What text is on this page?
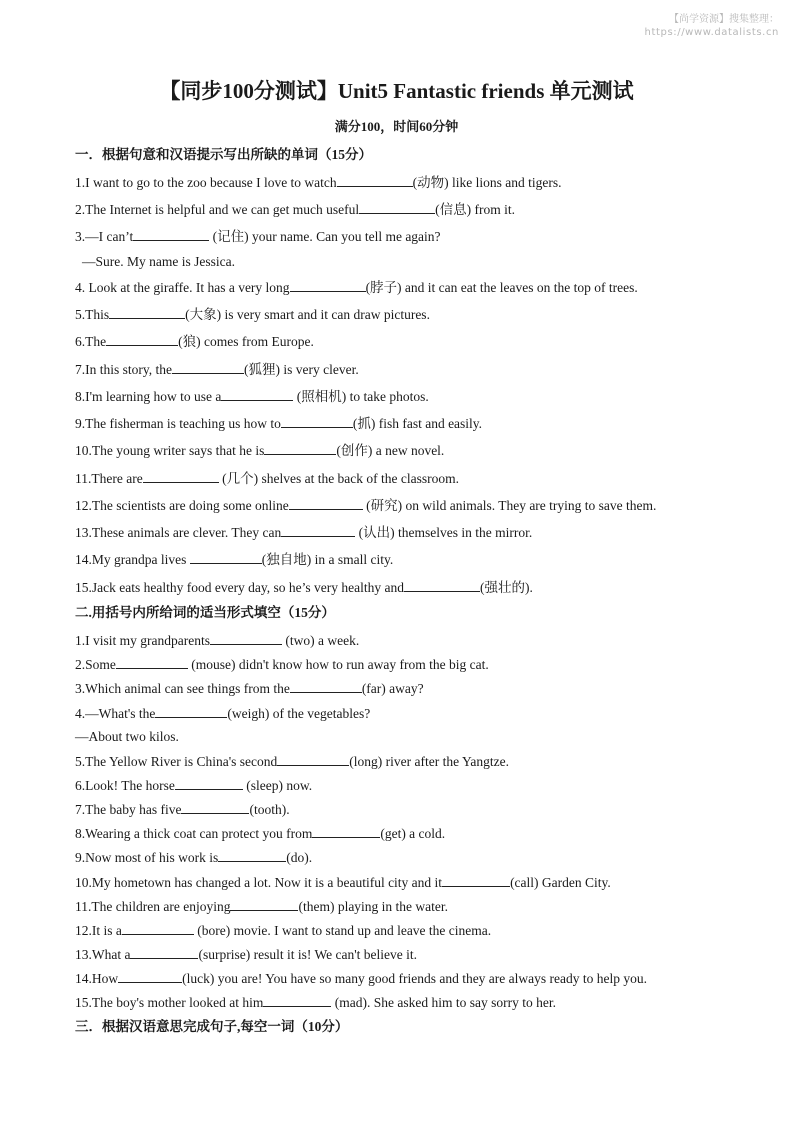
【尚学资源】搜集整理：
https://www.datalists.cn
【同步100分测试】Unit5 Fantastic friends 单元测试
满分100，时间60分钟
一．根据句意和汉语提示写出所缺的单词（15分）
1.I want to go to the zoo because I love to watch	(动物) like lions and tigers.
2.The Internet is helpful and we can get much useful	(信息) from it.
3.—I can’t	(记住) your name. Can you tell me again?
—Sure. My name is Jessica.
4. Look at the giraffe. It has a very long	(脖子) and it can eat the leaves on the top of trees.
5.This	(大象) is very smart and it can draw pictures.
6.The	(狼) comes from Europe.
7.In this story, the	(狐狸) is very clever.
8.I'm learning how to use a	(照相机) to take photos.
9.The fisherman is teaching us how to	(抓) fish fast and easily.
10.The young writer says that he is	(创作) a new novel.
11.There are	(几个) shelves at the back of the classroom.
12.The scientists are doing some online	(研究) on wild animals. They are trying to save them.
13.These animals are clever. They can	(认出) themselves in the mirror.
14.My grandpa lives	(独自地) in a small city.
15.Jack eats healthy food every day, so he’s very healthy and	(强壮的).
二.用括号内所给词的适当形式填空（15分）
1.I visit my grandparents	(two) a week.
2.Some	(mouse) didn't know how to run away from the big cat.
3.Which animal can see things from the	(far) away?
4.—What's the	(weigh) of the vegetables?
—About two kilos.
5.The Yellow River is China's second	(long) river after the Yangtze.
6.Look! The horse	(sleep) now.
7.The baby has five	(tooth).
8.Wearing a thick coat can protect you from	(get) a cold.
9.Now most of his work is	(do).
10.My hometown has changed a lot. Now it is a beautiful city and it	(call) Garden City.
11.The children are enjoying	(them) playing in the water.
12.It is a	(bore) movie. I want to stand up and leave the cinema.
13.What a	(surprise) result it is! We can't believe it.
14.How	(luck) you are! You have so many good friends and they are always ready to help you.
15.The boy's mother looked at him	(mad). She asked him to say sorry to her.
三．根据汉语意思完成句子,每空一词（10分）
